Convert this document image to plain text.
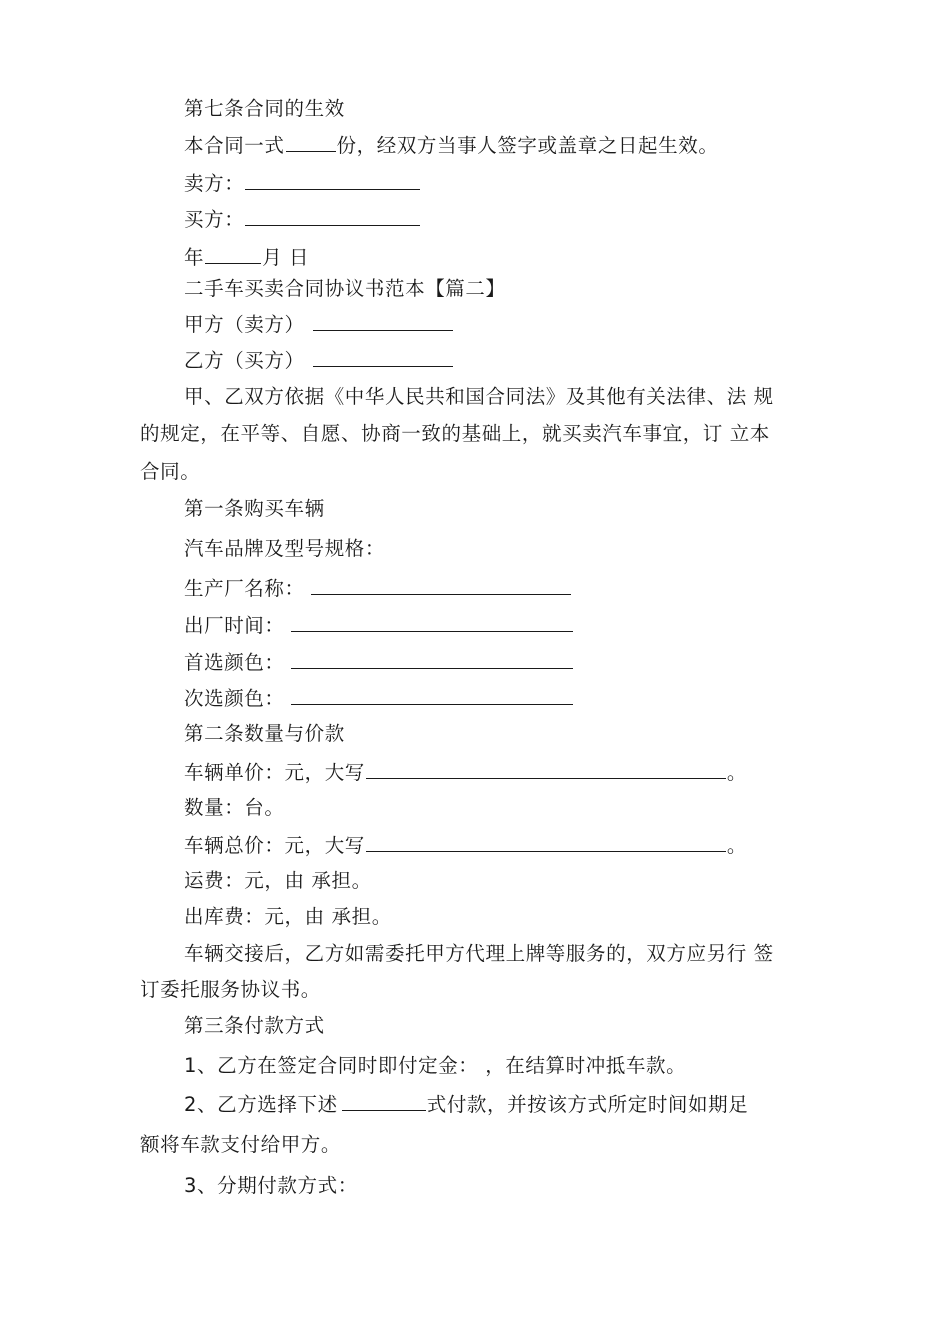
第七条合同的生效
本合同一式	份，经双方当事人签字或盖章之日起生效。
卖方：
买方：
年	月 日
二手车买卖合同协议书范本【篇二】
甲方（卖方）
乙方（买方）
甲、乙双方依据《中华人民共和国合同法》及其他有关法律、法 规
的规定，在平等、自愿、协商一致的基础上，就买卖汽车事宜，订 立本
合同。
第一条购买车辆
汽车品牌及型号规格：
生产厂名称：
出厂时间：
首选颜色：
次选颜色：
第二条数量与价款
车辆单价：元，大写	。
数量：台。
车辆总价：元，大写	。
运费：元，由 承担。
出库费：元，由 承担。
车辆交接后，乙方如需委托甲方代理上牌等服务的，双方应另行 签
订委托服务协议书。
第三条付款方式
1、乙方在签定合同时即付定金： ，在结算时冲抵车款。
2、乙方选择下述	式付款，并按该方式所定时间如期足
额将车款支付给甲方。
3、分期付款方式：
